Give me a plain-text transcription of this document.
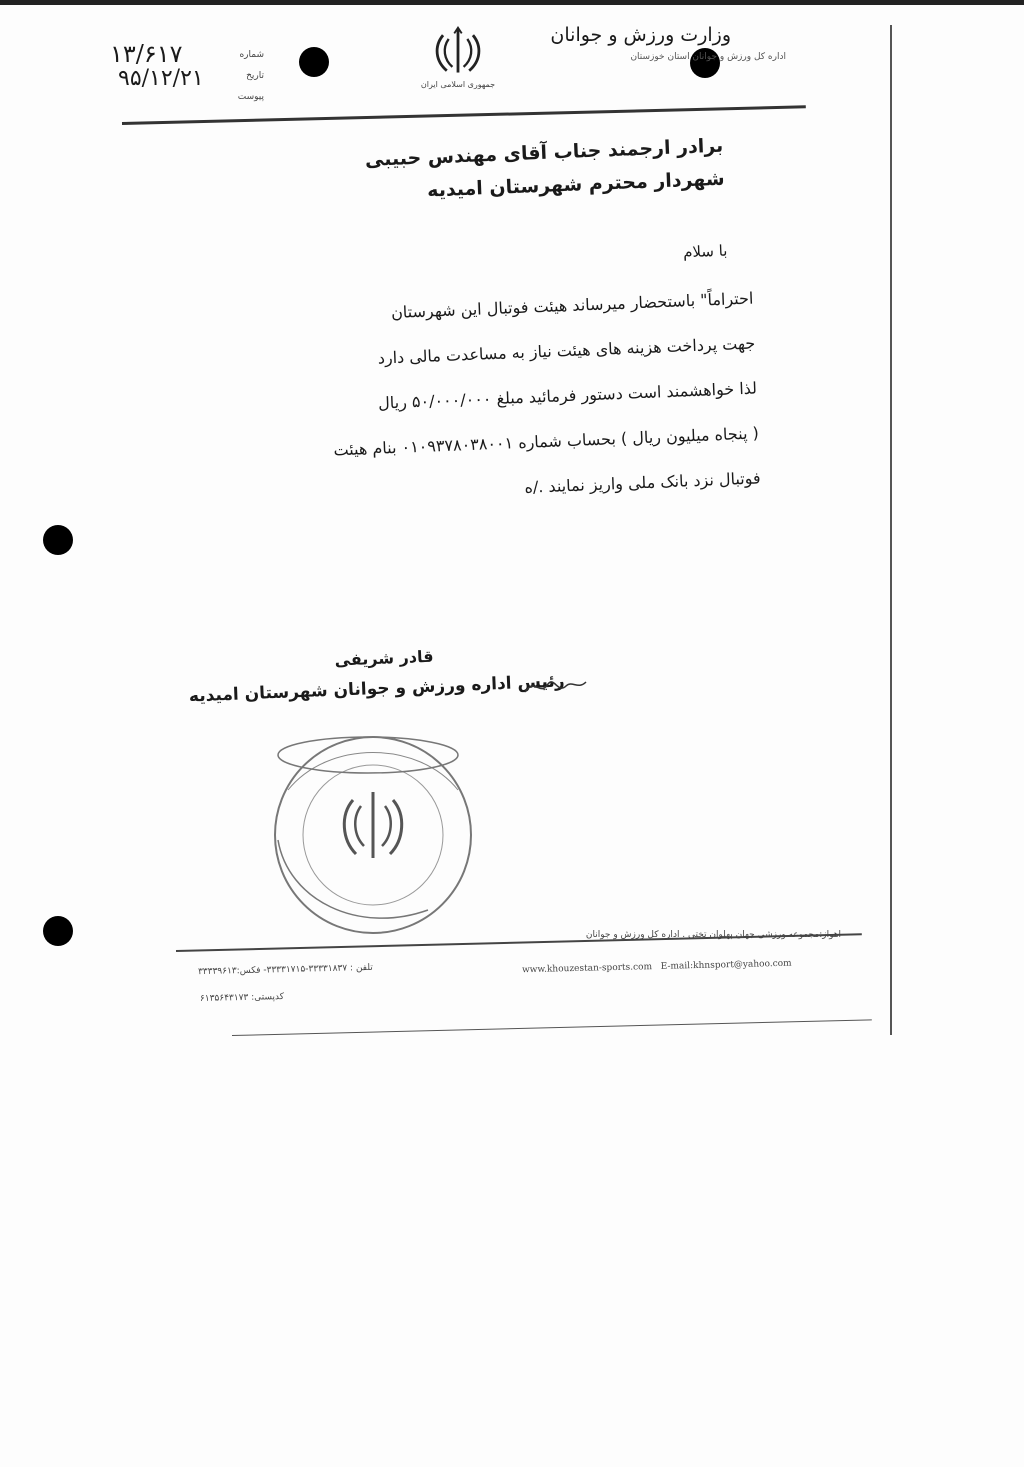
وزارت ورزش و جوانان
اداره کل ورزش و جوانان استان خوزستان
جمهوری اسلامی ایران
۱۳/۶۱۷
۹۵/۱۲/۲۱
شماره
تاریخ
پیوست
برادر ارجمند جناب آقای مهندس حبیبی
شهردار محترم شهرستان امیدیه
با سلام
احتراماً" باستحضار میرساند هیئت فوتبال این شهرستان
جهت پرداخت هزینه های هیئت نیاز به مساعدت مالی دارد
لذا خواهشمند است دستور فرمائید مبلغ ۵۰/۰۰۰/۰۰۰ ریال
( پنجاه میلیون ریال ) بحساب شماره ۰۱۰۹۳۷۸۰۳۸۰۰۱ بنام هیئت
فوتبال نزد بانک ملی واریز نمایند ./ه
قادر شریفی
رئیس اداره ورزش و جوانان شهرستان امیدیه
اهواز:مجموعه ورزشی جهان پهلوان تختی . اداره کل ورزش و جوانان
www.khouzestan-sports.com E-mail:khnsport@yahoo.com
تلفن : ۳۳۳۳۱۸۳۷-۳۳۳۳۱۷۱۵- فکس:۳۳۳۳۹۶۱۳
کدپستی: ۶۱۳۵۶۴۳۱۷۳
